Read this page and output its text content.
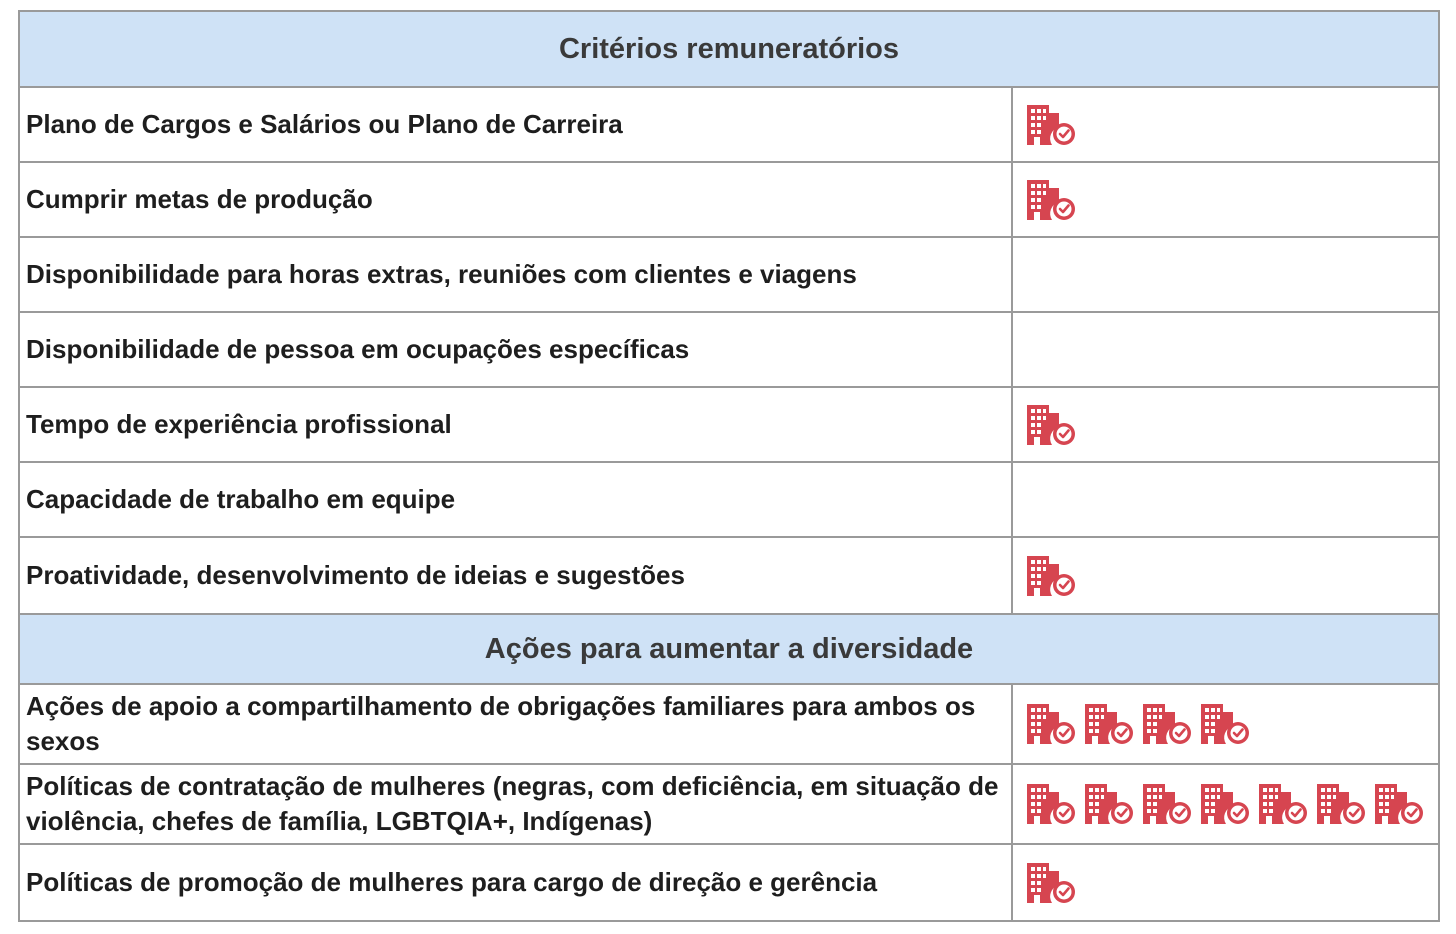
Critérios remuneratórios
Plano de Cargos e Salários ou Plano de Carreira
Cumprir metas de produção
Disponibilidade para horas extras, reuniões com clientes e viagens
Disponibilidade de pessoa em ocupações específicas
Tempo de experiência profissional
Capacidade de trabalho em equipe
Proatividade, desenvolvimento de ideias e sugestões
Ações para aumentar a diversidade
Ações de apoio a compartilhamento de obrigações familiares para ambos os sexos
Políticas de contratação de mulheres (negras, com deficiência, em situação de violência, chefes de família, LGBTQIA+, Indígenas)
Políticas de promoção de mulheres para cargo de direção e gerência
